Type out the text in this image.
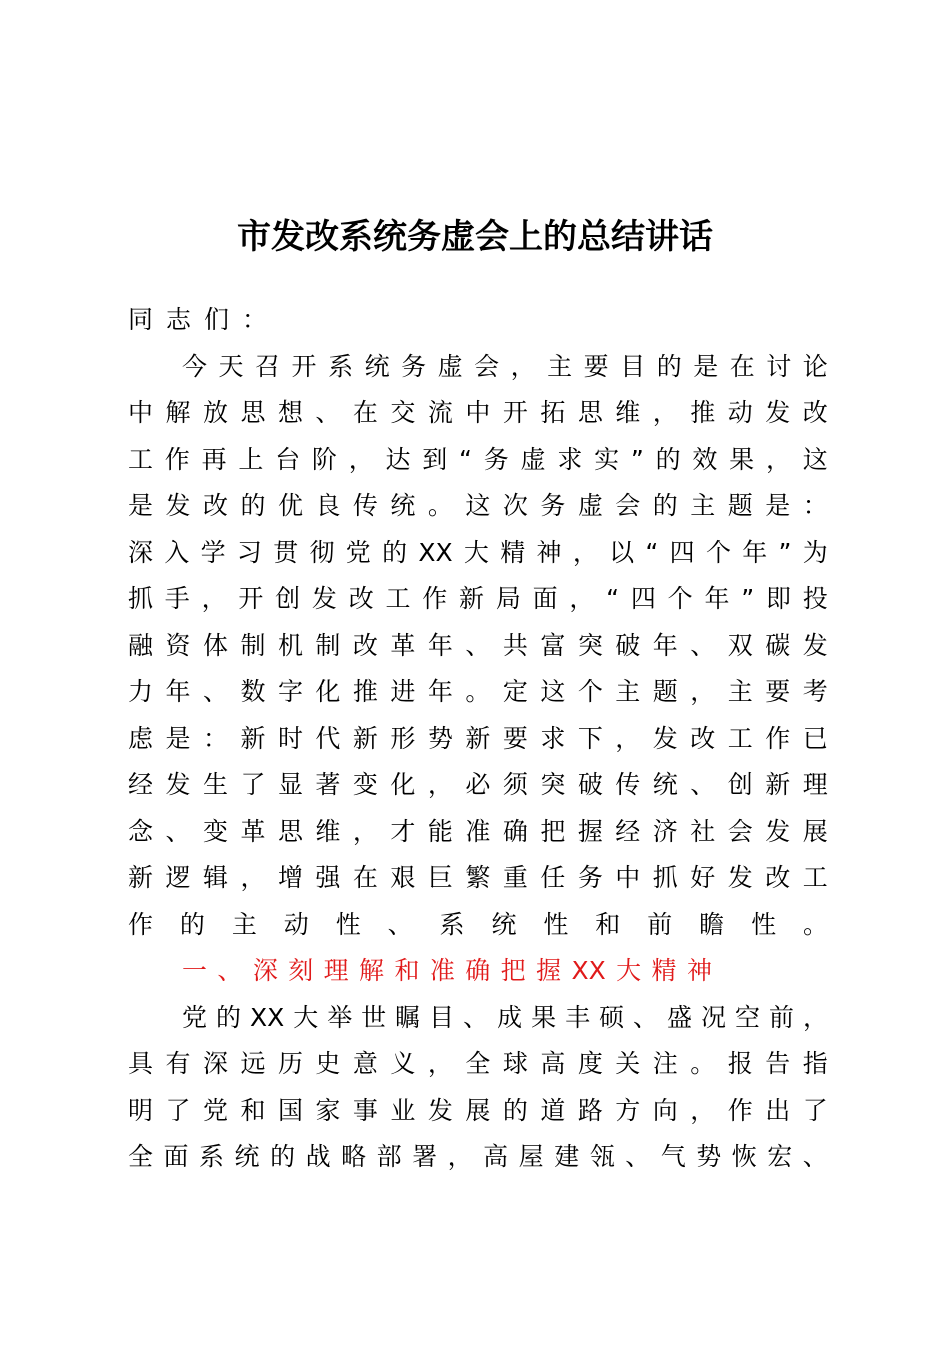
市发改系统务虚会上的总结讲话
同志们：
今 天 召 开 系 统 务 虚 会 ， 主 要 目 的 是 在 讨 论
中 解 放 思 想 、 在 交 流 中 开 拓 思 维 ， 推 动 发 改
工 作 再 上 台 阶 ， 达 到 “ 务 虚 求 实 ” 的 效 果 ， 这
是 发 改 的 优 良 传 统 。 这 次 务 虚 会 的 主 题 是 ：
深 入 学 习 贯 彻 党 的 XX 大 精 神 ， 以 “ 四 个 年 ” 为
抓 手 ， 开 创 发 改 工 作 新 局 面 ， “ 四 个 年 ” 即 投
融 资 体 制 机 制 改 革 年 、 共 富 突 破 年 、 双 碳 发
力 年 、 数 字 化 推 进 年 。 定 这 个 主 题 ， 主 要 考
虑 是 ： 新 时 代 新 形 势 新 要 求 下 ， 发 改 工 作 已
经 发 生 了 显 著 变 化 ， 必 须 突 破 传 统 、 创 新 理
念 、 变 革 思 维 ， 才 能 准 确 把 握 经 济 社 会 发 展
新 逻 辑 ， 增 强 在 艰 巨 繁 重 任 务 中 抓 好 发 改 工
作 的 主 动 性 、 系 统 性 和 前 瞻 性 。
一 、 深 刻 理 解 和 准 确 把 握 XX 大 精 神
党 的 XX 大 举 世 瞩 目 、 成 果 丰 硕 、 盛 况 空 前 ，
具 有 深 远 历 史 意 义 ， 全 球 高 度 关 注 。 报 告 指
明 了 党 和 国 家 事 业 发 展 的 道 路 方 向 ， 作 出 了
全 面 系 统 的 战 略 部 署 ， 高 屋 建 瓴 、 气 势 恢 宏 、
